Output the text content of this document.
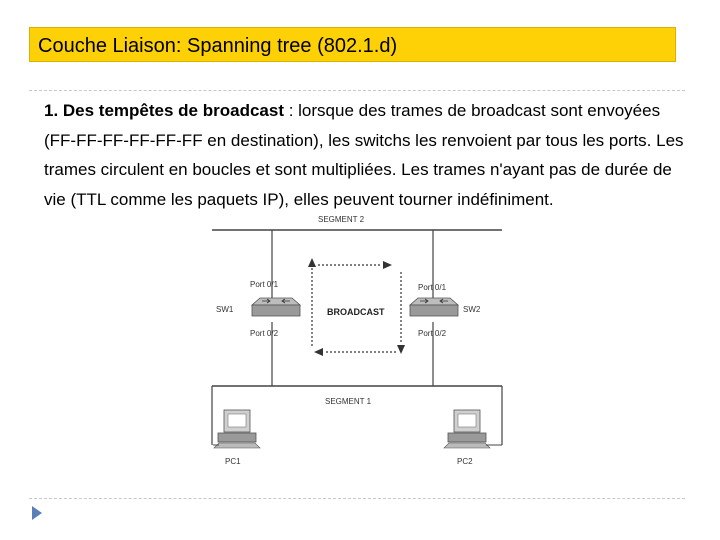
Couche Liaison: Spanning tree (802.1.d)
1. Des tempêtes de broadcast : lorsque des trames de broadcast sont envoyées (FF-FF-FF-FF-FF-FF en destination), les switchs les renvoient par tous les ports. Les trames circulent en boucles et sont multipliées. Les trames n'ayant pas de durée de vie (TTL comme les paquets IP), elles peuvent tourner indéfiniment.
SEGMENT 2
SEGMENT 1
SW1
Port 0/1
Port 0/2
SW2
Port 0/1
Port 0/2
BROADCAST
PC1	PC2
